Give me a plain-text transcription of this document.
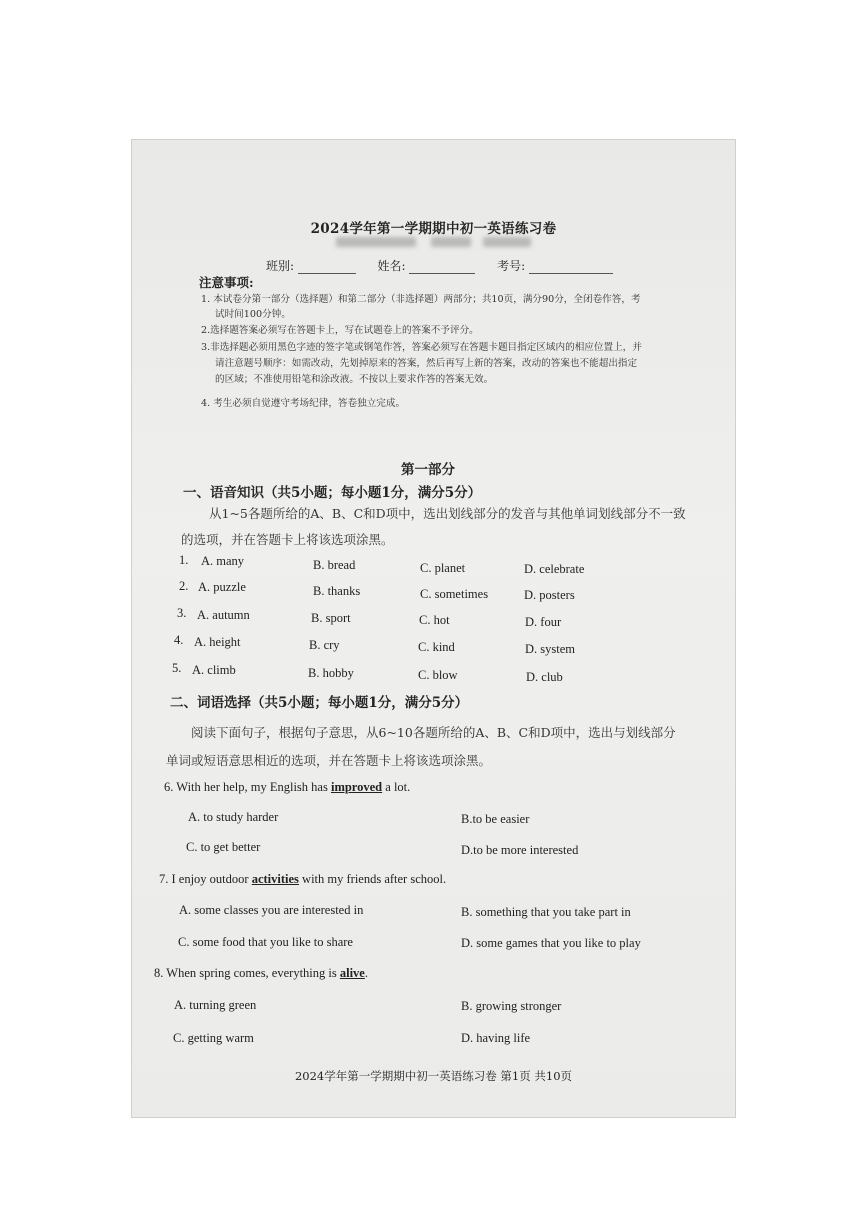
2024学年第一学期期中初一英语练习卷
班别:	姓名:	考号:
注意事项:
1. 本试卷分第一部分（选择题）和第二部分（非选择题）两部分；共10页，满分90分，全闭卷作答，考
试时间100分钟。
2.选择题答案必须写在答题卡上，写在试题卷上的答案不予评分。
3.非选择题必须用黑色字迹的签字笔或钢笔作答，答案必须写在答题卡题目指定区域内的相应位置上，并
请注意题号顺序：如需改动，先划掉原来的答案，然后再写上新的答案，改动的答案也不能超出指定
的区域；不准使用铅笔和涂改液。不按以上要求作答的答案无效。
4. 考生必须自觉遵守考场纪律，答卷独立完成。
第一部分
一、语音知识（共5小题；每小题1分，满分5分）
从1~5各题所给的A、B、C和D项中，选出划线部分的发音与其他单词划线部分不一致
的选项，并在答题卡上将该选项涂黑。
1. A. many	B. bread	C. planet	D. celebrate
2. A. puzzle	B. thanks	C. sometimes	D. posters
3. A. autumn	B. sport	C. hot	D. four
4. A. height	B. cry	C. kind	D. system
5. A. climb	B. hobby	C. blow	D. club
二、词语选择（共5小题；每小题1分，满分5分）
阅读下面句子，根据句子意思，从6~10各题所给的A、B、C和D项中，选出与划线部分
单词或短语意思相近的选项，并在答题卡上将该选项涂黑。
6. With her help, my English has improved a lot.
A. to study harder	B.to be easier
C. to get better	D.to be more interested
7. I enjoy outdoor activities with my friends after school.
A. some classes you are interested in	B. something that you take part in
C. some food that you like to share	D. some games that you like to play
8. When spring comes, everything is alive.
A. turning green	B. growing stronger
C. getting warm	D. having life
2024学年第一学期期中初一英语练习卷 第1页 共10页
